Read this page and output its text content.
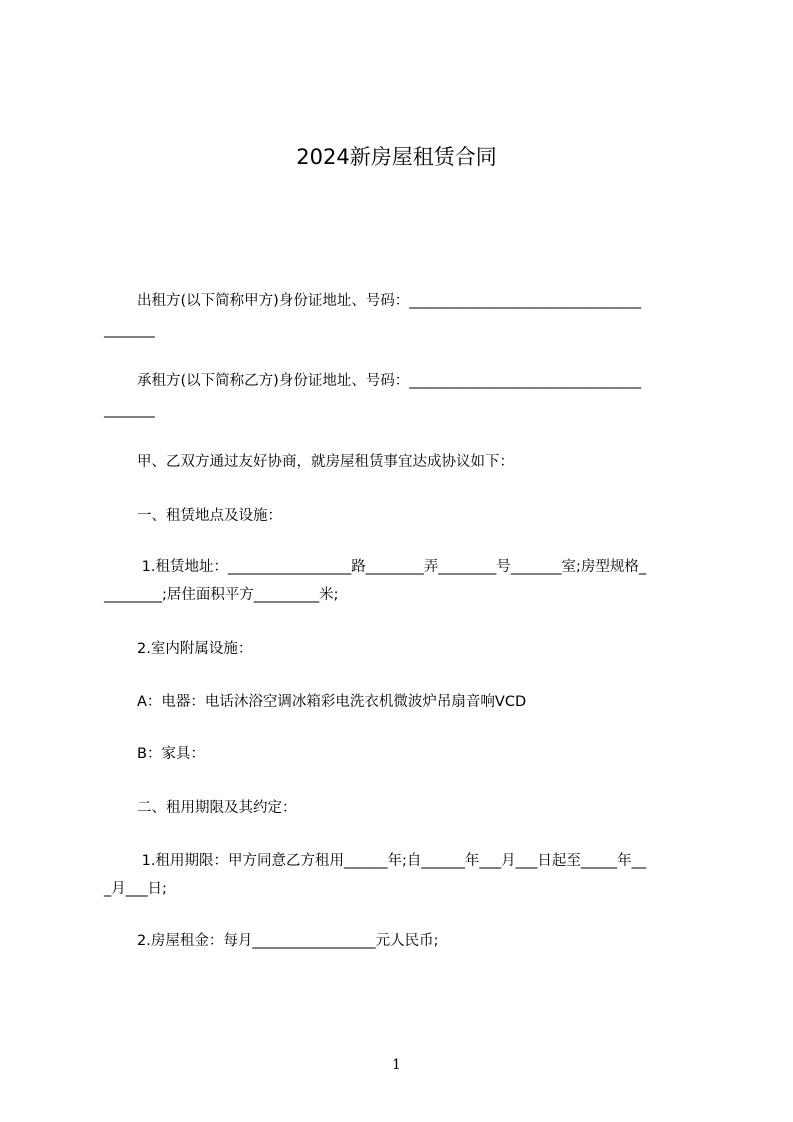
2024新房屋租赁合同
出租方(以下简称甲方)身份证地址、号码：________________________________
_______
承租方(以下简称乙方)身份证地址、号码：________________________________
_______
甲、乙双方通过友好协商，就房屋租赁事宜达成协议如下：
一、租赁地点及设施：
1.租赁地址：_________________路________弄________号_______室;房型规格_
________;居住面积平方_________米;
2.室内附属设施：
A：电器：电话沐浴空调冰箱彩电洗衣机微波炉吊扇音响VCD
B：家具：
二、租用期限及其约定：
1.租用期限：甲方同意乙方租用______年;自______年___月___日起至_____年__
_月___日;
2.房屋租金：每月_________________元人民币;
1
